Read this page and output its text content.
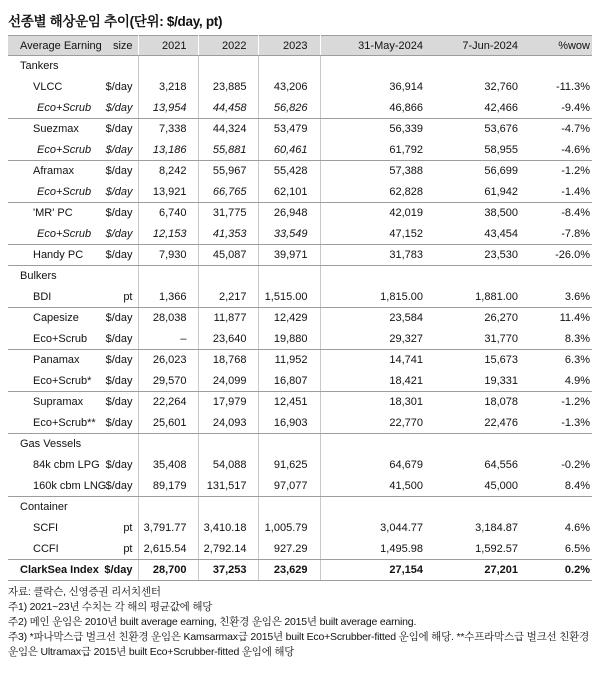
선종별 해상운임 추이(단위: $/day, pt)
Average Earning	size	2021	2022	2023	31-May-2024	7-Jun-2024	%wow
Tankers							
VLCC	$/day	3,218	23,885	43,206	36,914	32,760	-11.3%
Eco+Scrub	$/day	13,954	44,458	56,826	46,866	42,466	-9.4%
Suezmax	$/day	7,338	44,324	53,479	56,339	53,676	-4.7%
Eco+Scrub	$/day	13,186	55,881	60,461	61,792	58,955	-4.6%
Aframax	$/day	8,242	55,967	55,428	57,388	56,699	-1.2%
Eco+Scrub	$/day	13,921	66,765	62,101	62,828	61,942	-1.4%
'MR' PC	$/day	6,740	31,775	26,948	42,019	38,500	-8.4%
Eco+Scrub	$/day	12,153	41,353	33,549	47,152	43,454	-7.8%
Handy PC	$/day	7,930	45,087	39,971	31,783	23,530	-26.0%
Bulkers							
BDI	pt	1,366	2,217	1,515.00	1,815.00	1,881.00	3.6%
Capesize	$/day	28,038	11,877	12,429	23,584	26,270	11.4%
Eco+Scrub	$/day	–	23,640	19,880	29,327	31,770	8.3%
Panamax	$/day	26,023	18,768	11,952	14,741	15,673	6.3%
Eco+Scrub*	$/day	29,570	24,099	16,807	18,421	19,331	4.9%
Supramax	$/day	22,264	17,979	12,451	18,301	18,078	-1.2%
Eco+Scrub**	$/day	25,601	24,093	16,903	22,770	22,476	-1.3%
Gas Vessels							
84k cbm LPG	$/day	35,408	54,088	91,625	64,679	64,556	-0.2%
160k cbm LNG	$/day	89,179	131,517	97,077	41,500	45,000	8.4%
Container							
SCFI	pt	3,791.77	3,410.18	1,005.79	3,044.77	3,184.87	4.6%
CCFI	pt	2,615.54	2,792.14	927.29	1,495.98	1,592.57	6.5%
ClarkSea Index	$/day	28,700	37,253	23,629	27,154	27,201	0.2%
자료: 클락슨, 신영증권 리서치센터
주1) 2021~23년 수치는 각 해의 평균값에 해당
주2) 메인 운임은 2010년 built average earning, 친환경 운임은 2015년 built average earning.
주3) *파나막스급 벌크선 친환경 운임은 Kamsarmax급 2015년 built Eco+Scrubber-fitted 운임에 해당. **수프라막스급 벌크선 친환경 운임은 Ultramax급 2015년 built Eco+Scrubber-fitted 운임에 해당
